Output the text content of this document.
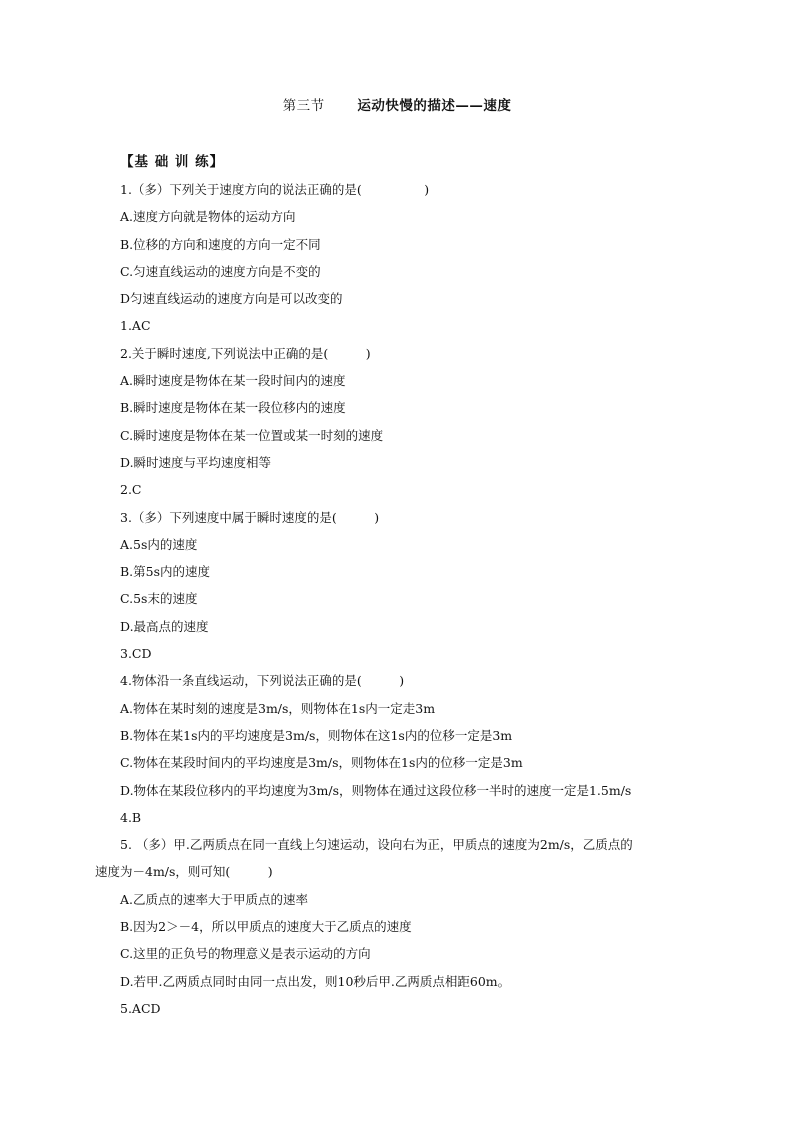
第三节 运动快慢的描述——速度
【基 础 训 练】
1.（多）下列关于速度方向的说法正确的是(　　　　　)
A.速度方向就是物体的运动方向
B.位移的方向和速度的方向一定不同
C.匀速直线运动的速度方向是不变的
D匀速直线运动的速度方向是可以改变的
1.AC
2.关于瞬时速度,下列说法中正确的是(　　　)
A.瞬时速度是物体在某一段时间内的速度
B.瞬时速度是物体在某一段位移内的速度
C.瞬时速度是物体在某一位置或某一时刻的速度
D.瞬时速度与平均速度相等
2.C
3.（多）下列速度中属于瞬时速度的是(　　　)
A.5s内的速度
B.第5s内的速度
C.5s末的速度
D.最高点的速度
3.CD
4.物体沿一条直线运动，下列说法正确的是(　　　)
A.物体在某时刻的速度是3m/s，则物体在1s内一定走3m
B.物体在某1s内的平均速度是3m/s，则物体在这1s内的位移一定是3m
C.物体在某段时间内的平均速度是3m/s，则物体在1s内的位移一定是3m
D.物体在某段位移内的平均速度为3m/s，则物体在通过这段位移一半时的速度一定是1.5m/s
4.B
5. （多）甲.乙两质点在同一直线上匀速运动，设向右为正，甲质点的速度为2m/s，乙质点的
速度为－4m/s，则可知(　　　)
A.乙质点的速率大于甲质点的速率
B.因为2＞－4，所以甲质点的速度大于乙质点的速度
C.这里的正负号的物理意义是表示运动的方向
D.若甲.乙两质点同时由同一点出发，则10秒后甲.乙两质点相距60m。
5.ACD
